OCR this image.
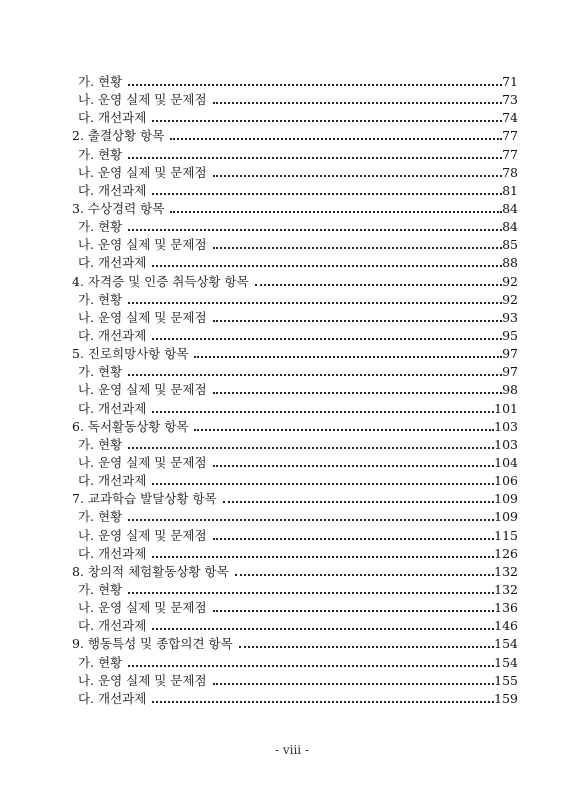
가. 현황	71
나. 운영 실제 및 문제점	73
다. 개선과제	74
2. 출결상황 항목	77
가. 현황	77
나. 운영 실제 및 문제점	78
다. 개선과제	81
3. 수상경력 항목	84
가. 현황	84
나. 운영 실제 및 문제점	85
다. 개선과제	88
4. 자격증 및 인증 취득상황 항목	92
가. 현황	92
나. 운영 실제 및 문제점	93
다. 개선과제	95
5. 진로희망사항 항목	97
가. 현황	97
나. 운영 실제 및 문제점	98
다. 개선과제	101
6. 독서활동상황 항목	103
가. 현황	103
나. 운영 실제 및 문제점	104
다. 개선과제	106
7. 교과학습 발달상황 항목	109
가. 현황	109
나. 운영 실제 및 문제점	115
다. 개선과제	126
8. 창의적 체험활동상황 항목	132
가. 현황	132
나. 운영 실제 및 문제점	136
다. 개선과제	146
9. 행동특성 및 종합의견 항목	154
가. 현황	154
나. 운영 실제 및 문제점	155
다. 개선과제	159
- viii -
